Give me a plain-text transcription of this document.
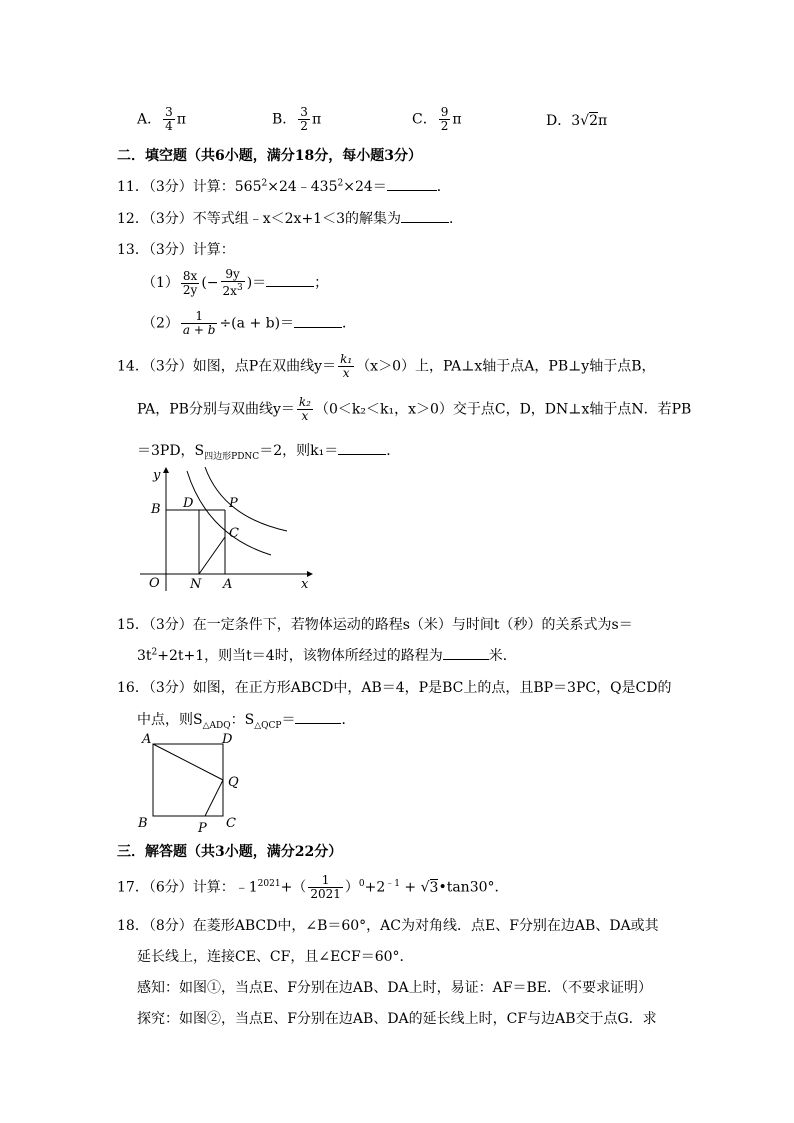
A． $\frac{3}{4}$ π	B． $\frac{3}{2}$ π	C． $\frac{9}{2}$ π	D．3√2π
二．填空题（共6小题，满分18分，每小题3分）
11．（3分）计算：$565^2\times 24﹣435^2\times 24=$	．
12．（3分）不等式组﹣x＜2x+1＜3的解集为	．
13．（3分）计算：
$(1) \frac{8x}{2y}$ (− $\frac{9y}{2x^3}$ )＝	；
$(2) \frac{1}{a + b} \div(a + b)=$	．
14．（3分）如图，点P在双曲线$y= \frac{\text{k₁}}{x} (x>0)$上，PA⊥x轴于点A，PB⊥y轴于点B，
PA，PB分别与双曲线$y= \frac{\text{k₂}}{x} (0<k_2<k_1$，x＞0）交于点C，D，DN⊥x轴于点N．若PB
＝3PD，$S_{四边形PDNC}=2$，则k₁＝	．
y
x
O
B D	P
C
N A
15．（3分）在一定条件下，若物体运动的路程s（米）与时间t（秒）的关系式为s＝
$3t^2+2t+1$，则当t＝4时，该物体所经过的路程为	米．
16．（3分）如图，在正方形ABCD中，AB＝4，P是BC上的点，且BP＝3PC，Q是CD的
中点，则$S_{\triangle ADQ}$：$S_{\triangle QCP}=$	．
A	D
Q
B	P C
三．解答题（共3小题，满分22分）
17．（6分）计算：$﹣1^{2021}+( \frac{1}{2021} )^0+2^{﹣1}$ + √3•tan30°．
18．（8分）在菱形ABCD中，∠B＝60°，AC为对角线．点E、F分别在边AB、DA或其
延长线上，连接CE、CF，且∠ECF＝60°．
感知：如图①，当点E、F分别在边AB、DA上时，易证：AF＝BE．（不要求证明）
探究：如图②，当点E、F分别在边AB、DA的延长线上时，CF与边AB交于点G．求
